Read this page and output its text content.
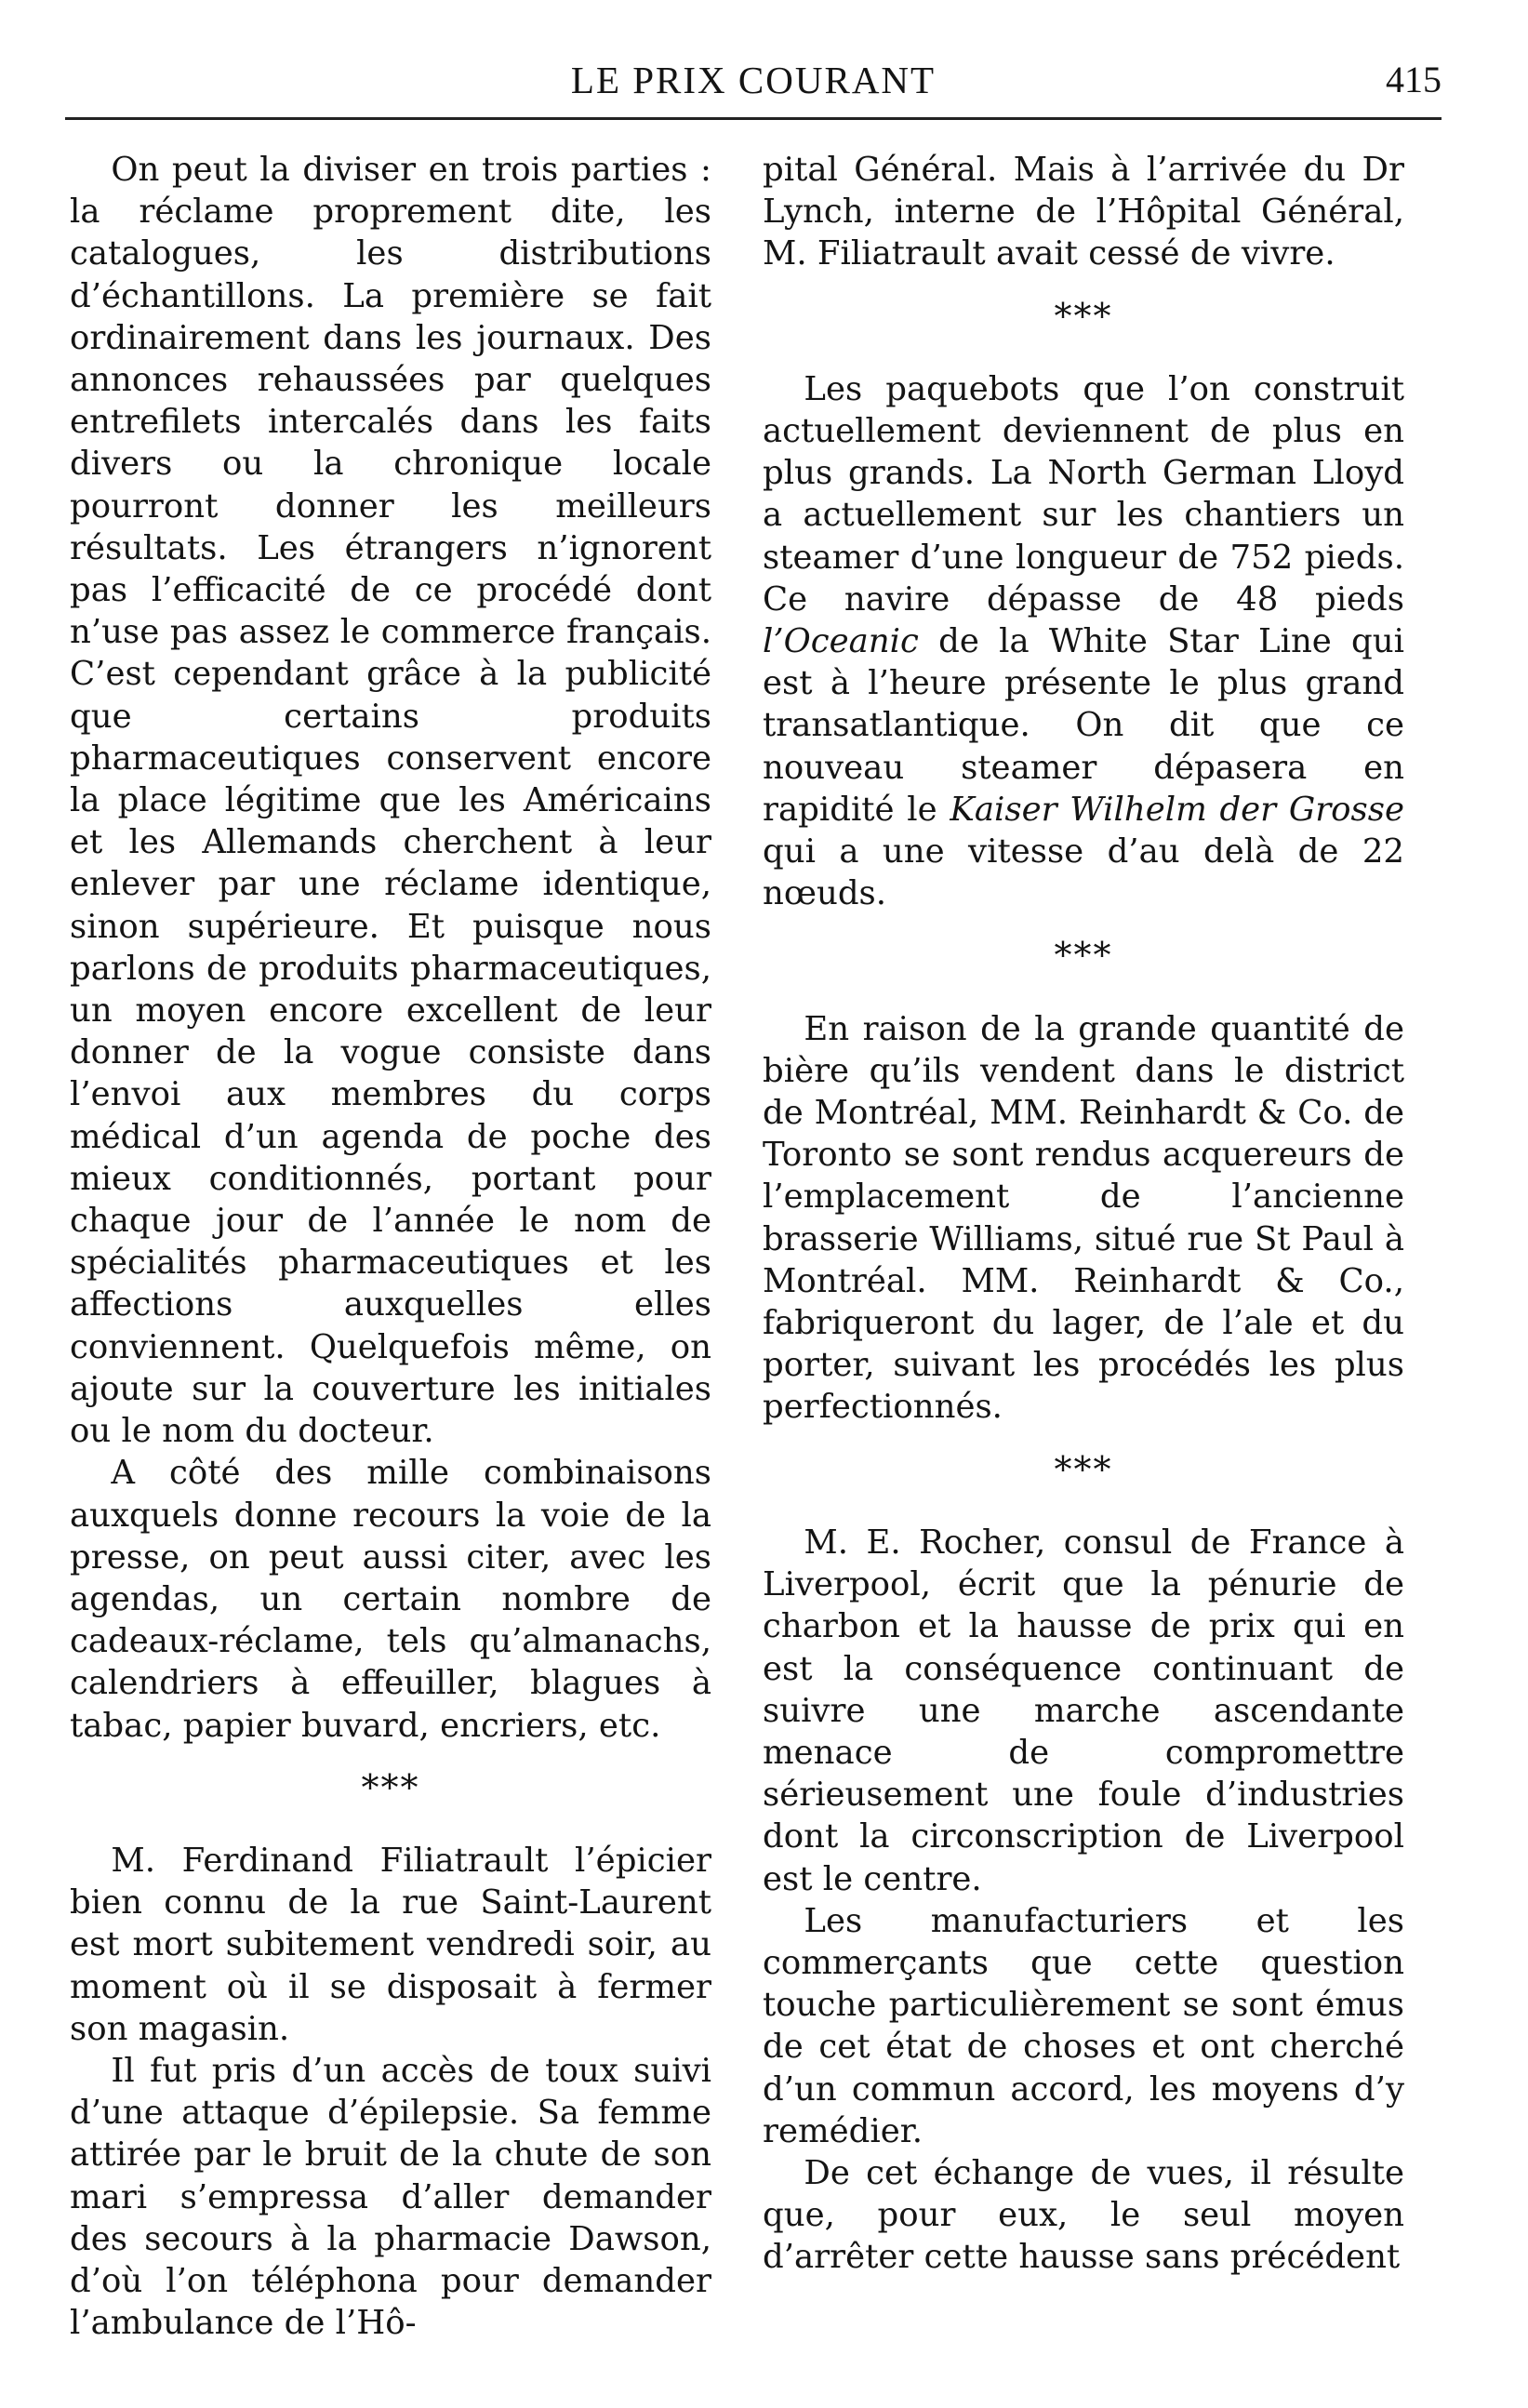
LE PRIX COURANT	415

On peut la diviser en trois parties : la réclame proprement dite, les catalogues, les distributions d’échantillons. La première se fait ordinairement dans les journaux. Des annonces rehaussées par quelques entrefilets intercalés dans les faits divers ou la chronique locale pourront donner les meilleurs résultats. Les étrangers n’ignorent pas l’efficacité de ce procédé dont n’use pas assez le commerce français. C’est cependant grâce à la publicité que certains produits pharmaceutiques conservent encore la place légitime que les Américains et les Allemands cherchent à leur enlever par une réclame identique, sinon supérieure. Et puisque nous parlons de produits pharmaceutiques, un moyen encore excellent de leur donner de la vogue consiste dans l’envoi aux membres du corps médical d’un agenda de poche des mieux conditionnés, portant pour chaque jour de l’année le nom de spécialités pharmaceutiques et les affections auxquelles elles conviennent. Quelquefois même, on ajoute sur la couverture les initiales ou le nom du docteur.

A côté des mille combinaisons auxquels donne recours la voie de la presse, on peut aussi citer, avec les agendas, un certain nombre de cadeaux-réclame, tels qu’almanachs, calendriers à effeuiller, blagues à tabac, papier buvard, encriers, etc.

***

M. Ferdinand Filiatrault l’épicier bien connu de la rue Saint-Laurent est mort subitement vendredi soir, au moment où il se disposait à fermer son magasin.

Il fut pris d’un accès de toux suivi d’une attaque d’épilepsie. Sa femme attirée par le bruit de la chute de son mari s’empressa d’aller demander des secours à la pharmacie Dawson, d’où l’on téléphona pour demander l’ambulance de l’Hô-

pital Général. Mais à l’arrivée du Dr Lynch, interne de l’Hôpital Général, M. Filiatrault avait cessé de vivre.

***

Les paquebots que l’on construit actuellement deviennent de plus en plus grands. La North German Lloyd a actuellement sur les chantiers un steamer d’une longueur de 752 pieds. Ce navire dépasse de 48 pieds l’Oceanic de la White Star Line qui est à l’heure présente le plus grand transatlantique. On dit que ce nouveau steamer dépasera en rapidité le Kaiser Wilhelm der Grosse qui a une vitesse d’au delà de 22 nœuds.

***

En raison de la grande quantité de bière qu’ils vendent dans le district de Montréal, MM. Reinhardt & Co. de Toronto se sont rendus acquereurs de l’emplacement de l’ancienne brasserie Williams, situé rue St Paul à Montréal. MM. Reinhardt & Co., fabriqueront du lager, de l’ale et du porter, suivant les procédés les plus perfectionnés.

***

M. E. Rocher, consul de France à Liverpool, écrit que la pénurie de charbon et la hausse de prix qui en est la conséquence continuant de suivre une marche ascendante menace de compromettre sérieusement une foule d’industries dont la circonscription de Liverpool est le centre.

Les manufacturiers et les commerçants que cette question touche particulièrement se sont émus de cet état de choses et ont cherché d’un commun accord, les moyens d’y remédier.

De cet échange de vues, il résulte que, pour eux, le seul moyen d’arrêter cette hausse sans précédent
